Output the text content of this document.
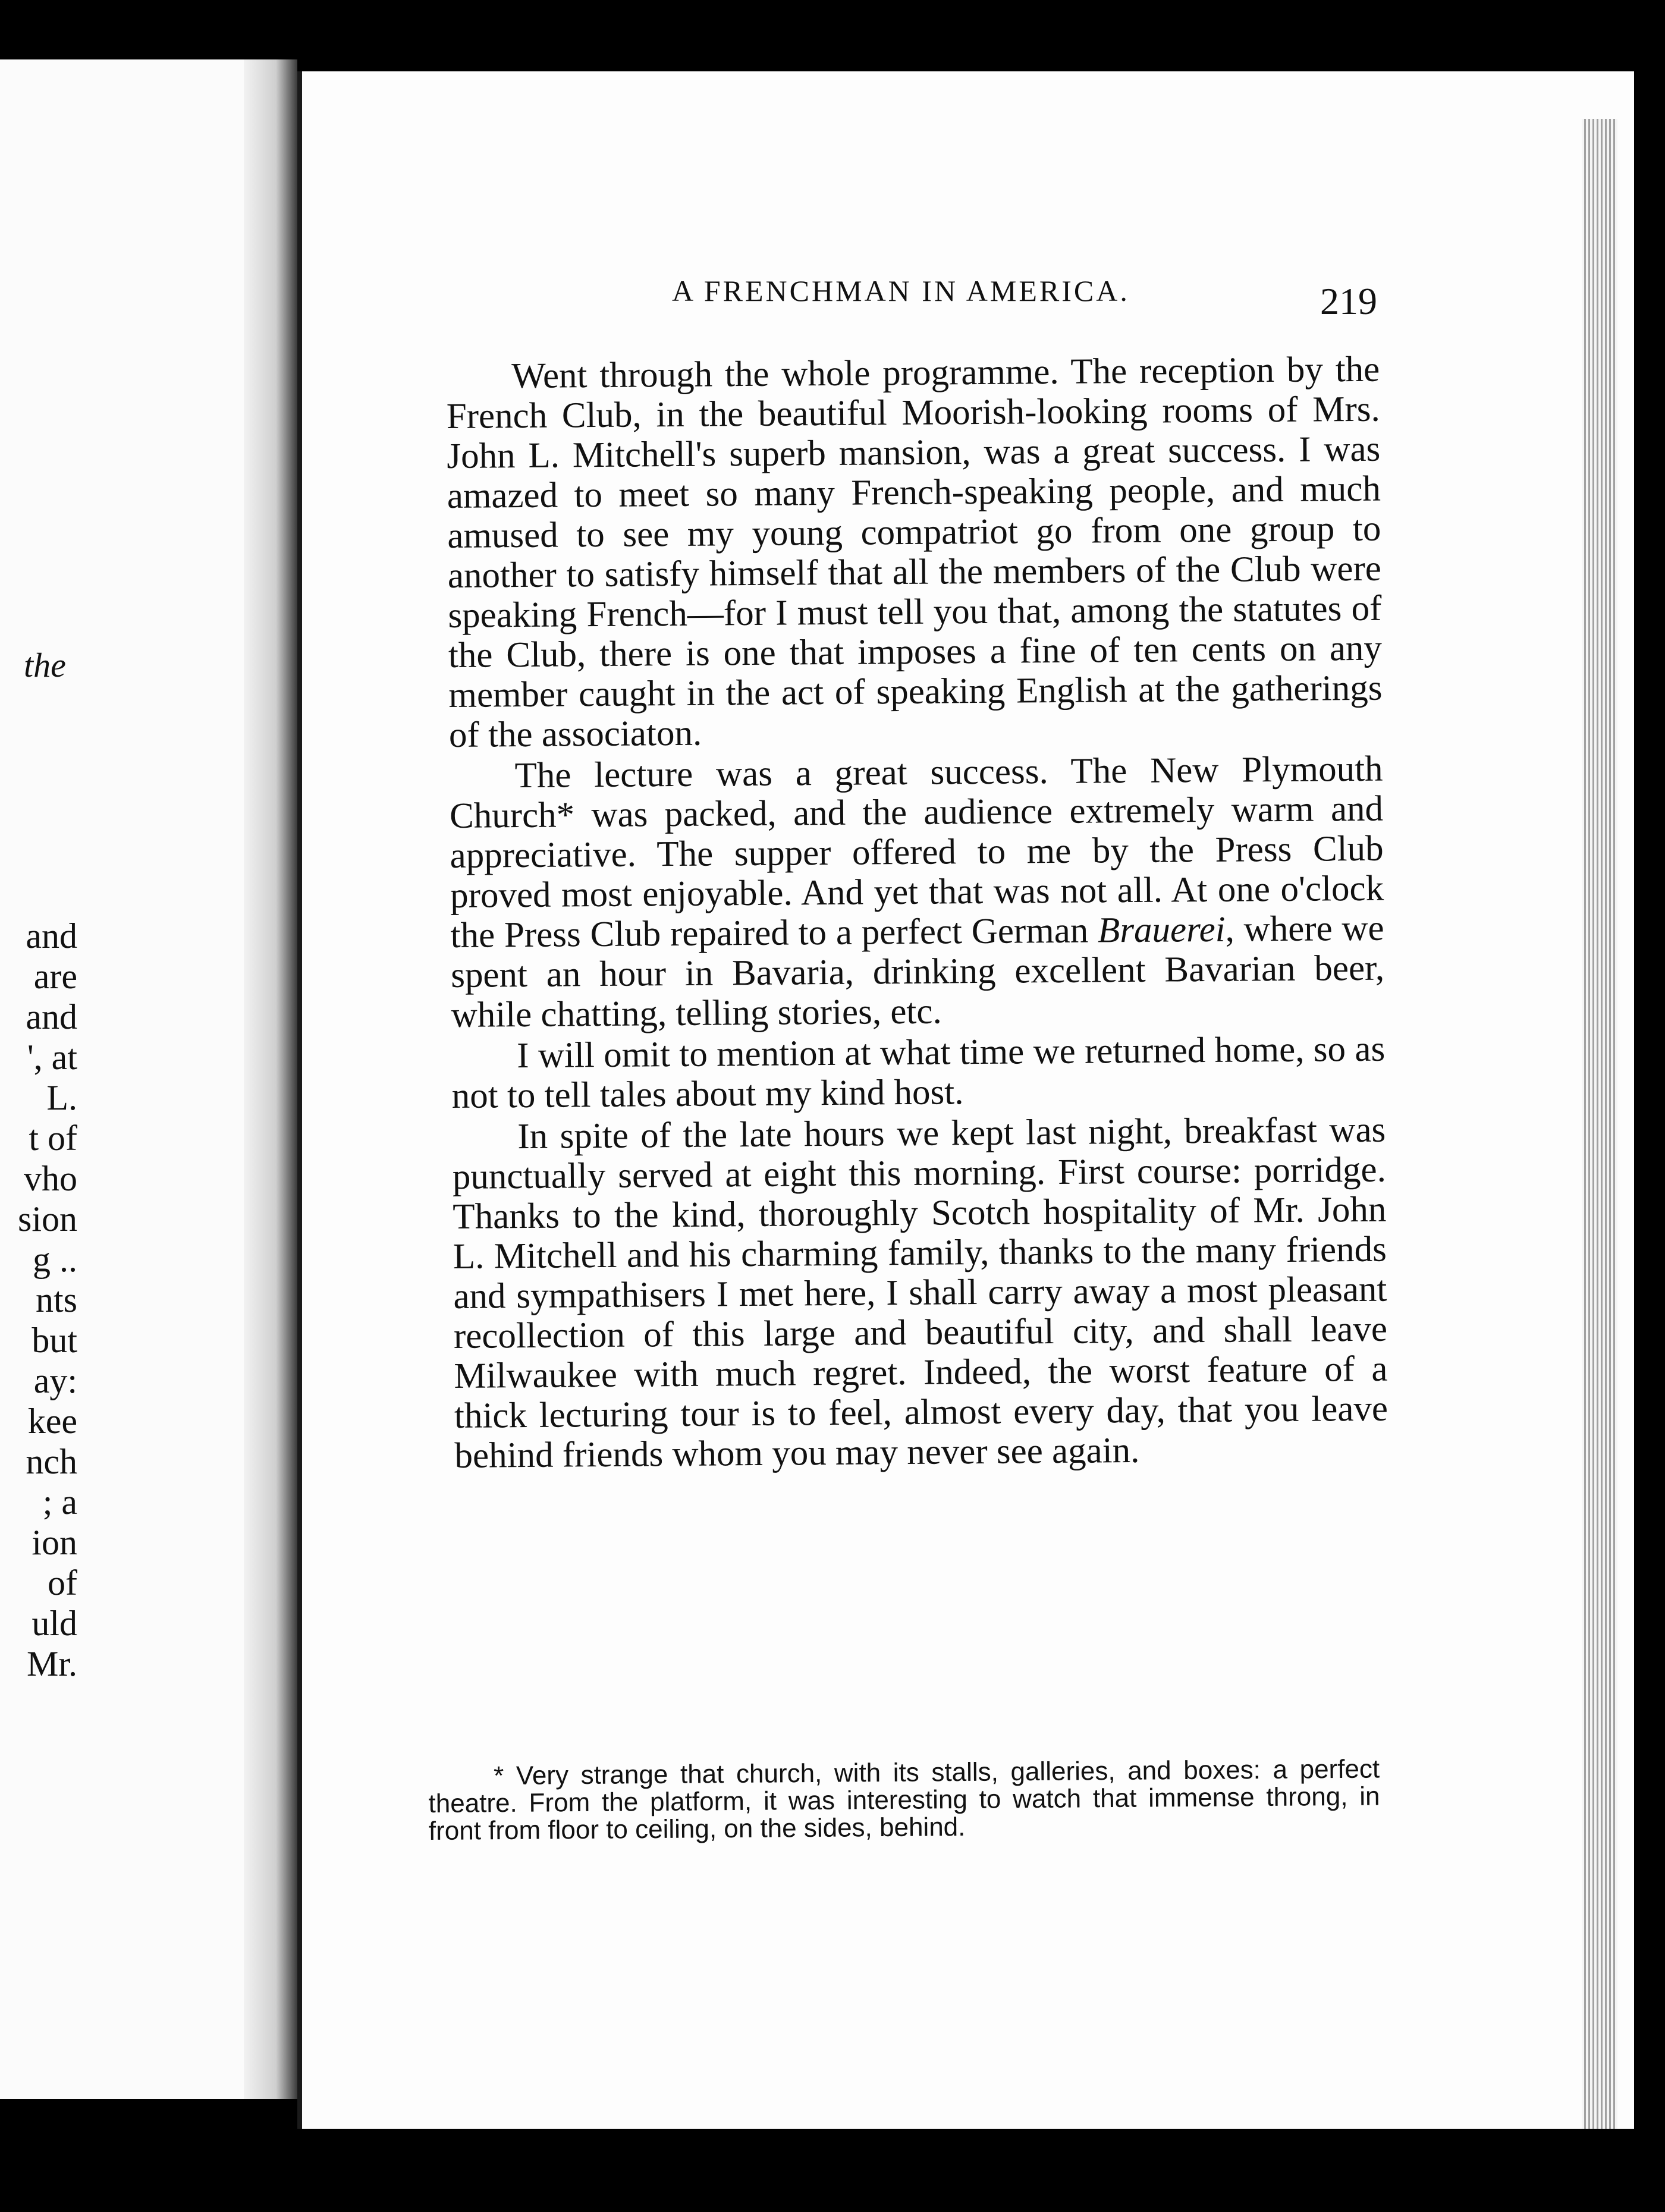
the
and
are
and
', at
L.
t of
vho
sion
g ..
nts
but
ay:
kee
nch
; a
ion
of
uld
Mr.
A FRENCHMAN IN AMERICA.	219

Went through the whole programme. The reception by the French Club, in the beautiful Moorish-looking rooms of Mrs. John L. Mitchell's superb mansion, was a great success. I was amazed to meet so many French-speaking people, and much amused to see my young compatriot go from one group to another to satisfy himself that all the members of the Club were speaking French—for I must tell you that, among the statutes of the Club, there is one that imposes a fine of ten cents on any member caught in the act of speaking English at the gatherings of the associaton.

The lecture was a great success. The New Plymouth Church* was packed, and the audience extremely warm and appreciative. The supper offered to me by the Press Club proved most enjoyable. And yet that was not all. At one o'clock the Press Club repaired to a perfect German Brauerei, where we spent an hour in Bavaria, drinking excellent Bavarian beer, while chatting, telling stories, etc.

I will omit to mention at what time we returned home, so as not to tell tales about my kind host.

In spite of the late hours we kept last night, breakfast was punctually served at eight this morning. First course: porridge. Thanks to the kind, thoroughly Scotch hospitality of Mr. John L. Mitchell and his charming family, thanks to the many friends and sympathisers I met here, I shall carry away a most pleasant recollection of this large and beautiful city, and shall leave Milwaukee with much regret. Indeed, the worst feature of a thick lecturing tour is to feel, almost every day, that you leave behind friends whom you may never see again.

* Very strange that church, with its stalls, galleries, and boxes: a perfect theatre. From the platform, it was interesting to watch that immense throng, in front from floor to ceiling, on the sides, behind.
